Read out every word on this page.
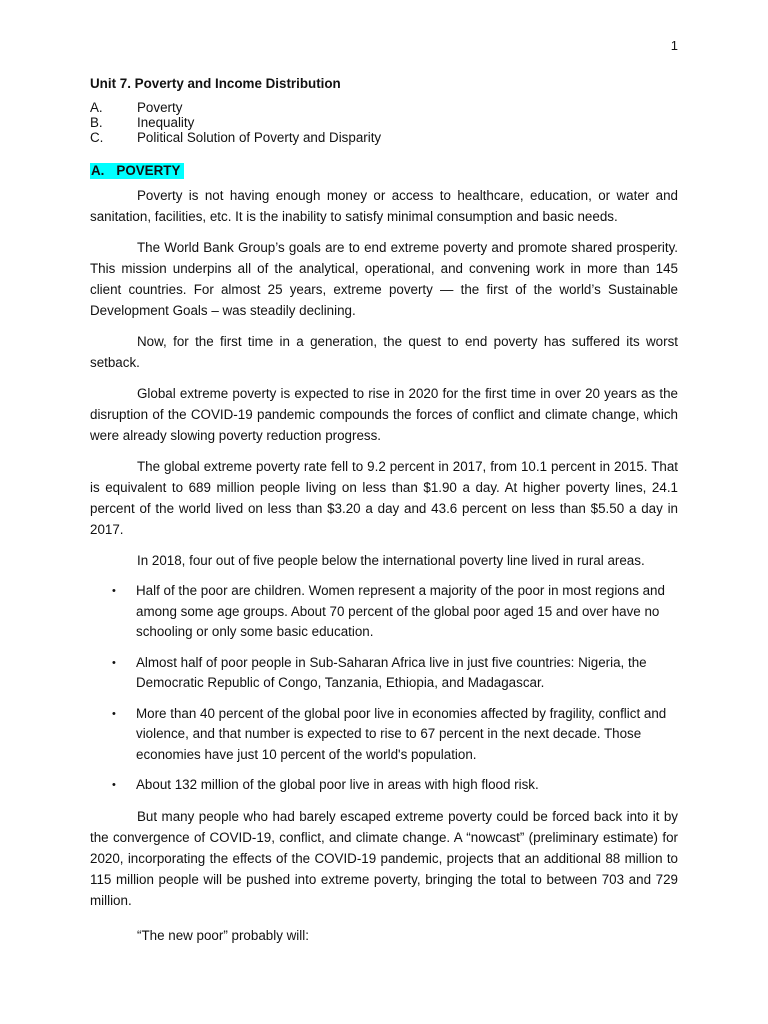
1
Unit 7. Poverty and Income Distribution
A.	Poverty
B.	Inequality
C.	Political Solution of Poverty and Disparity
A. POVERTY

Poverty is not having enough money or access to healthcare, education, or water and sanitation, facilities, etc. It is the inability to satisfy minimal consumption and basic needs.

The World Bank Group’s goals are to end extreme poverty and promote shared prosperity. This mission underpins all of the analytical, operational, and convening work in more than 145 client countries. For almost 25 years, extreme poverty — the first of the world’s Sustainable Development Goals – was steadily declining.

Now, for the first time in a generation, the quest to end poverty has suffered its worst setback.

Global extreme poverty is expected to rise in 2020 for the first time in over 20 years as the disruption of the COVID-19 pandemic compounds the forces of conflict and climate change, which were already slowing poverty reduction progress.

The global extreme poverty rate fell to 9.2 percent in 2017, from 10.1 percent in 2015. That is equivalent to 689 million people living on less than $1.90 a day. At higher poverty lines, 24.1 percent of the world lived on less than $3.20 a day and 43.6 percent on less than $5.50 a day in 2017.

In 2018, four out of five people below the international poverty line lived in rural areas.

• Half of the poor are children. Women represent a majority of the poor in most regions and among some age groups. About 70 percent of the global poor aged 15 and over have no schooling or only some basic education.
• Almost half of poor people in Sub-Saharan Africa live in just five countries: Nigeria, the Democratic Republic of Congo, Tanzania, Ethiopia, and Madagascar.
• More than 40 percent of the global poor live in economies affected by fragility, conflict and violence, and that number is expected to rise to 67 percent in the next decade. Those economies have just 10 percent of the world's population.
• About 132 million of the global poor live in areas with high flood risk.

But many people who had barely escaped extreme poverty could be forced back into it by the convergence of COVID-19, conflict, and climate change. A “nowcast” (preliminary estimate) for 2020, incorporating the effects of the COVID-19 pandemic, projects that an additional 88 million to 115 million people will be pushed into extreme poverty, bringing the total to between 703 and 729 million.

“The new poor” probably will:
